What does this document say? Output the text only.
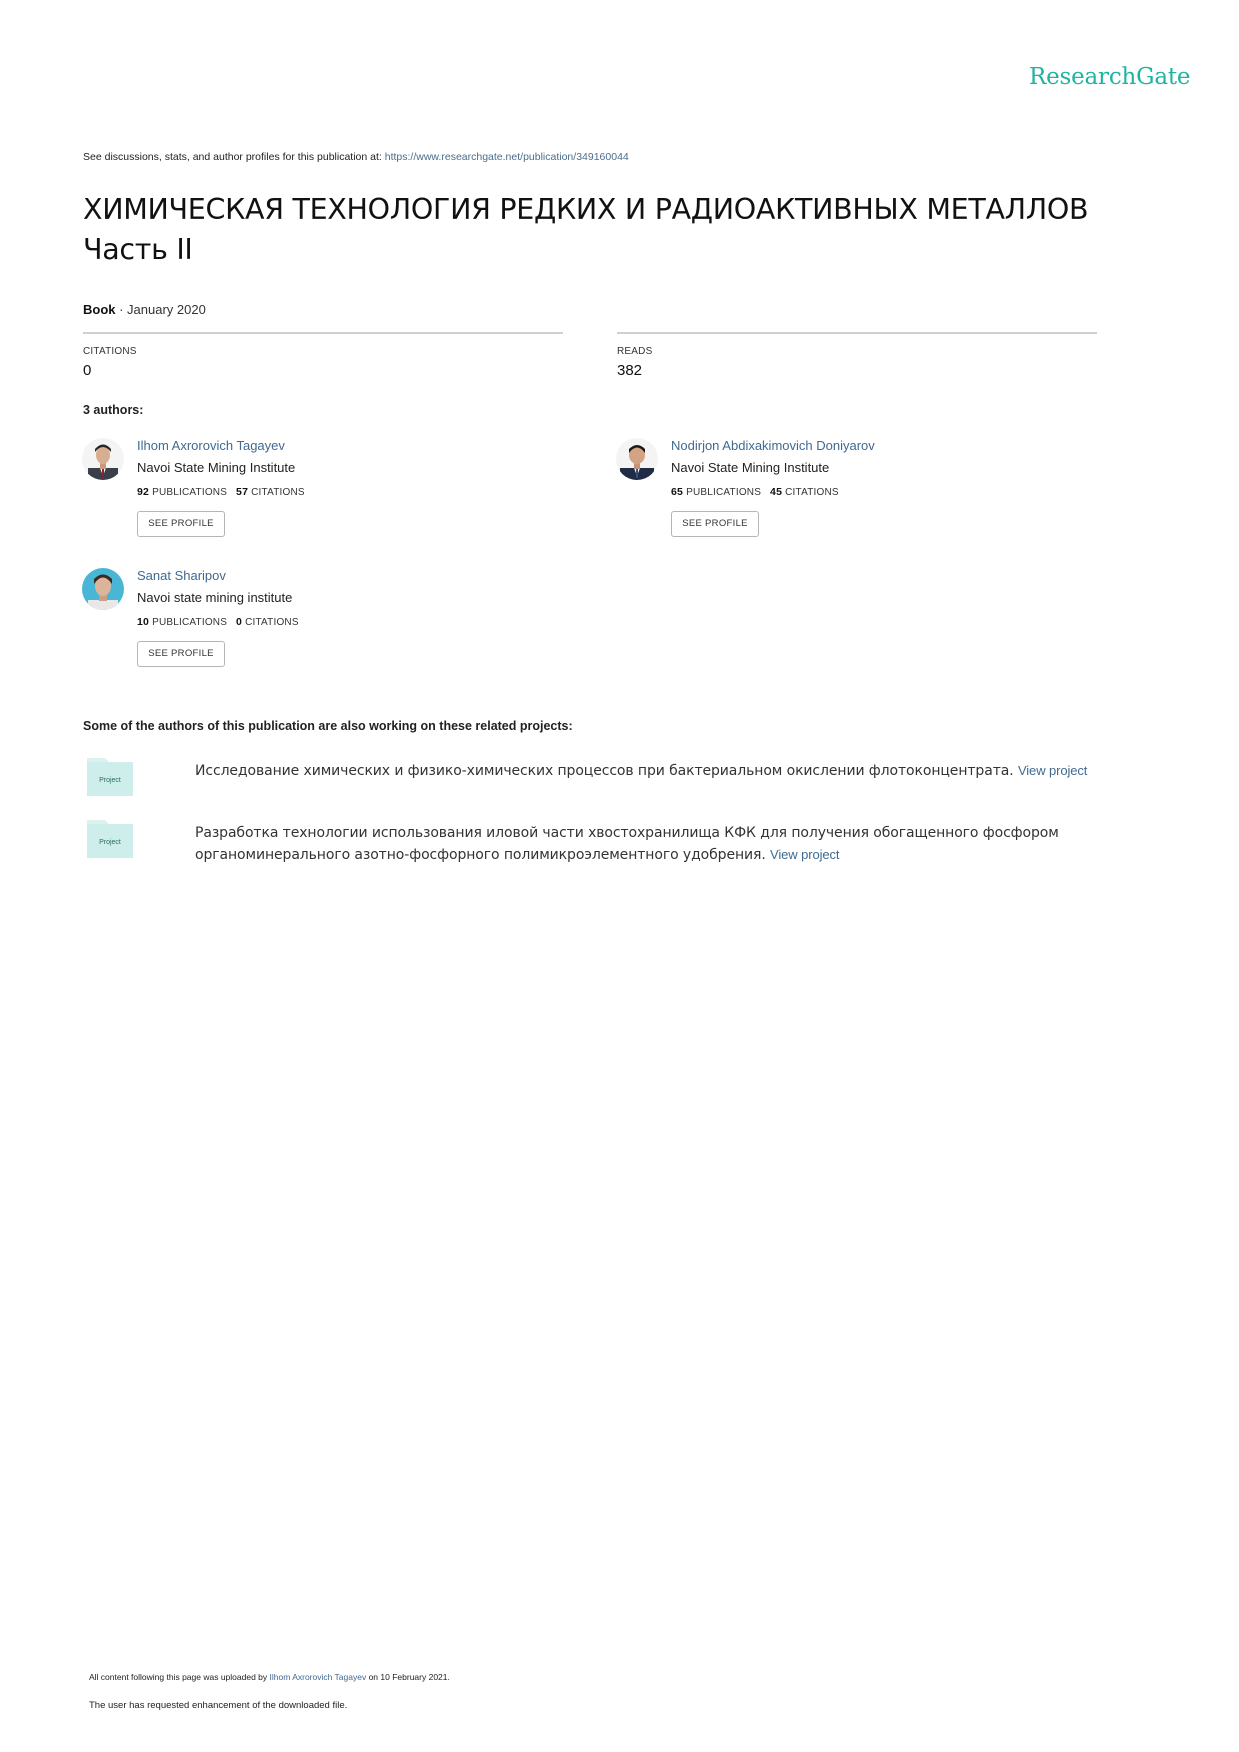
ResearchGate
See discussions, stats, and author profiles for this publication at: https://www.researchgate.net/publication/349160044
ХИМИЧЕСКАЯ ТЕХНОЛОГИЯ РЕДКИХ И РАДИОАКТИВНЫХ МЕТАЛЛОВ
Часть II
Book · January 2020
CITATIONS
0
READS
382
3 authors:
Ilhom Axrorovich Tagayev
Navoi State Mining Institute
92 PUBLICATIONS 57 CITATIONS
SEE PROFILE
Nodirjon Abdixakimovich Doniyarov
Navoi State Mining Institute
65 PUBLICATIONS 45 CITATIONS
SEE PROFILE
Sanat Sharipov
Navoi state mining institute
10 PUBLICATIONS 0 CITATIONS
SEE PROFILE
Some of the authors of this publication are also working on these related projects:
Project
Исследование химических и физико-химических процессов при бактериальном окислении флотоконцентрата. View project
Project
Разработка технологии использования иловой части хвостохранилища КФК для получения обогащенного фосфором органоминерального азотно-фосфорного полимикроэлементного удобрения. View project
All content following this page was uploaded by Ilhom Axrorovich Tagayev on 10 February 2021.
The user has requested enhancement of the downloaded file.
